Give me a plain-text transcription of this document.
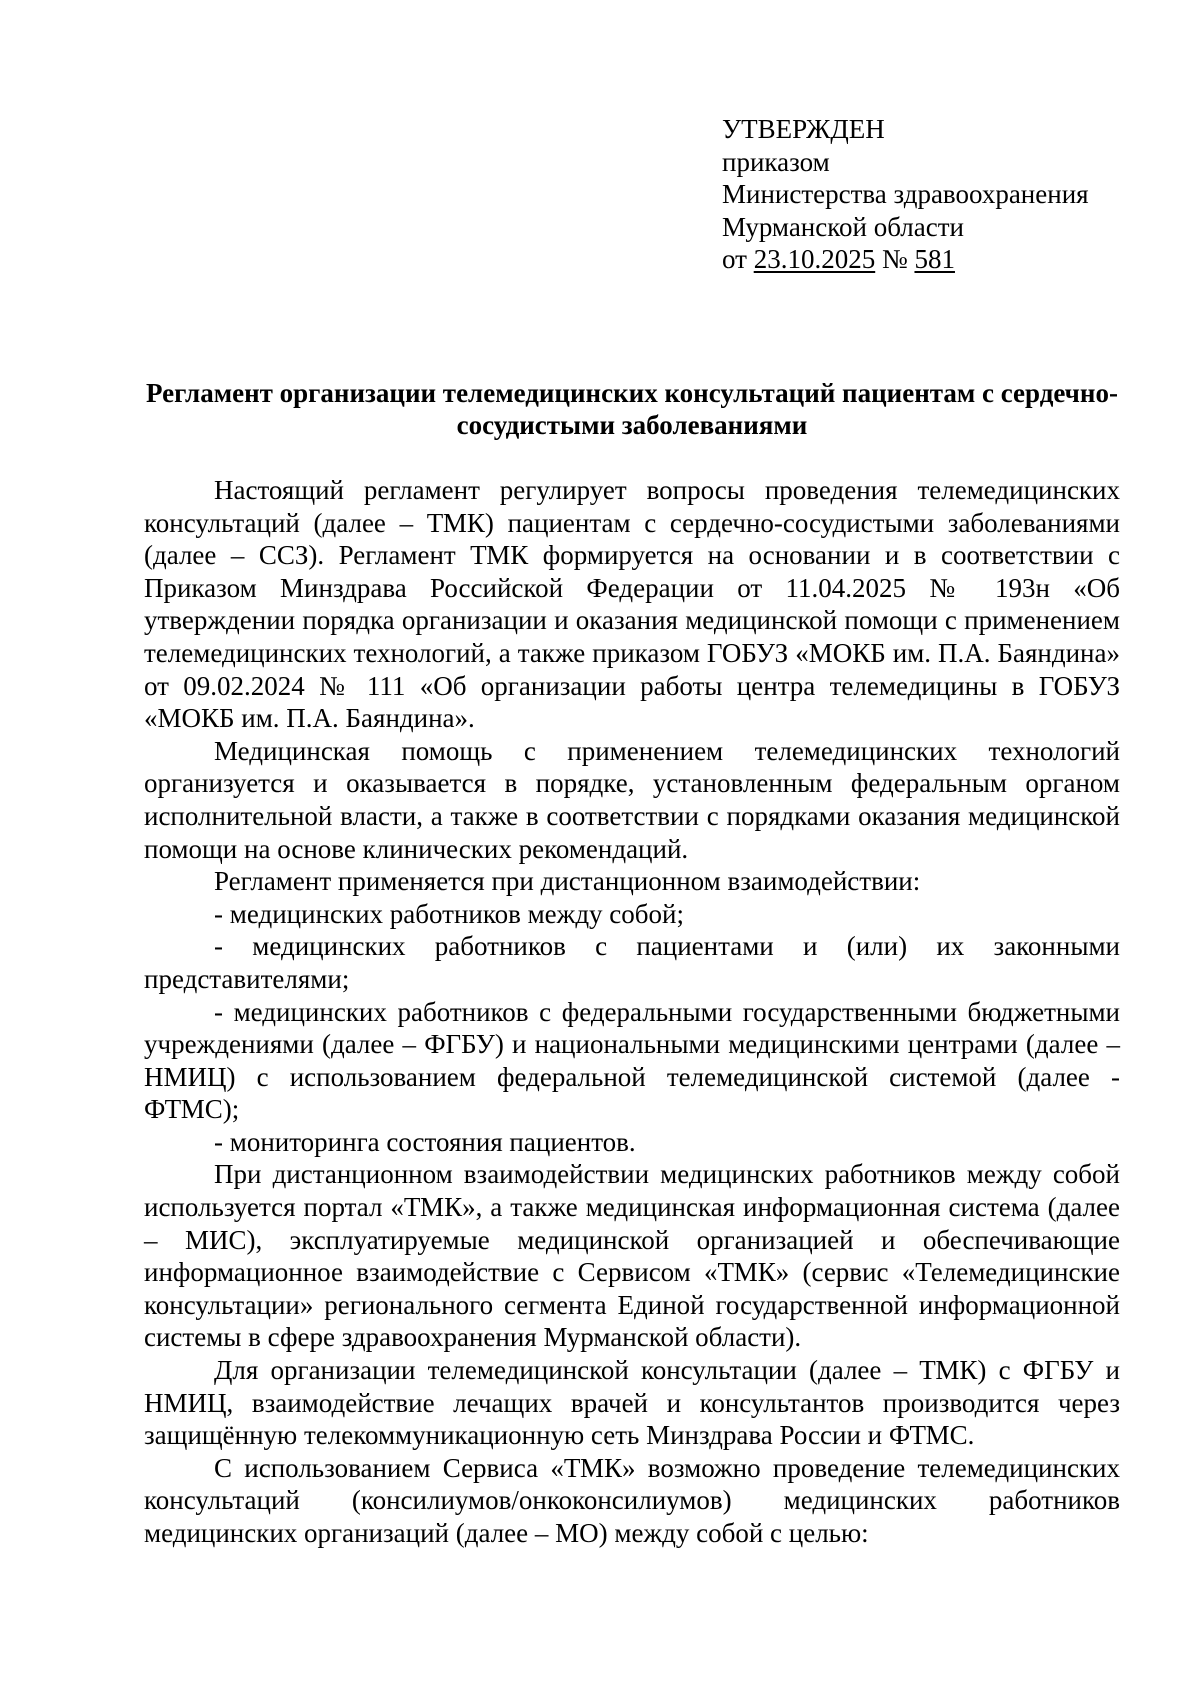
УТВЕРЖДЕН
приказом
Министерства здравоохранения
Мурманской области
от 23.10.2025 № 581
Регламент организации телемедицинских консультаций пациентам с сердечно-сосудистыми заболеваниями

Настоящий регламент регулирует вопросы проведения телемедицинских консультаций (далее – ТМК) пациентам с сердечно-сосудистыми заболеваниями (далее – ССЗ). Регламент ТМК формируется на основании и в соответствии с Приказом Минздрава Российской Федерации от 11.04.2025 № 193н «Об утверждении порядка организации и оказания медицинской помощи с применением телемедицинских технологий, а также приказом ГОБУЗ «МОКБ им. П.А. Баяндина» от 09.02.2024 № 111 «Об организации работы центра телемедицины в ГОБУЗ «МОКБ им. П.А. Баяндина».

Медицинская помощь с применением телемедицинских технологий организуется и оказывается в порядке, установленным федеральным органом исполнительной власти, а также в соответствии с порядками оказания медицинской помощи на основе клинических рекомендаций.

Регламент применяется при дистанционном взаимодействии:

- медицинских работников между собой;

- медицинских работников с пациентами и (или) их законными представителями;

- медицинских работников с федеральными государственными бюджетными учреждениями (далее – ФГБУ) и национальными медицинскими центрами (далее – НМИЦ) с использованием федеральной телемедицинской системой (далее - ФТМС);

- мониторинга состояния пациентов.

При дистанционном взаимодействии медицинских работников между собой используется портал «ТМК», а также медицинская информационная система (далее – МИС), эксплуатируемые медицинской организацией и обеспечивающие информационное взаимодействие с Сервисом «ТМК» (сервис «Телемедицинские консультации» регионального сегмента Единой государственной информационной системы в сфере здравоохранения Мурманской области).

Для организации телемедицинской консультации (далее – ТМК) с ФГБУ и НМИЦ, взаимодействие лечащих врачей и консультантов производится через защищённую телекоммуникационную сеть Минздрава России и ФТМС.

С использованием Сервиса «ТМК» возможно проведение телемедицинских консультаций (консилиумов/онкоконсилиумов) медицинских работников медицинских организаций (далее – МО) между собой с целью:
